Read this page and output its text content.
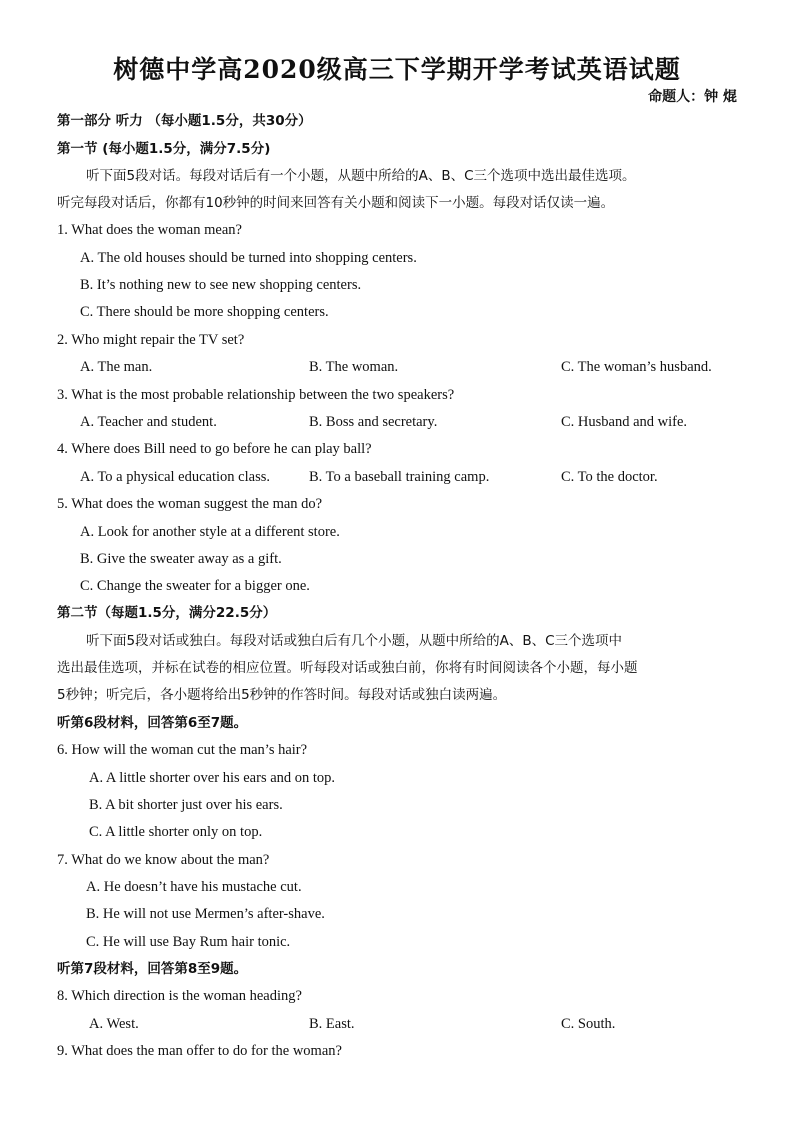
树德中学高2020级高三下学期开学考试英语试题
命题人：钟 焜
第一部分 听力 （每小题1.5分，共30分）
第一节 (每小题1.5分，满分7.5分)
听下面5段对话。每段对话后有一个小题，从题中所给的A、B、C三个选项中选出最佳选项。
听完每段对话后，你都有10秒钟的时间来回答有关小题和阅读下一小题。每段对话仅读一遍。
1. What does the woman mean?
A. The old houses should be turned into shopping centers.
B. It’s nothing new to see new shopping centers.
C. There should be more shopping centers.
2. Who might repair the TV set?
A. The man.	B. The woman.	C. The woman’s husband.
3. What is the most probable relationship between the two speakers?
A. Teacher and student.	B. Boss and secretary.	C. Husband and wife.
4. Where does Bill need to go before he can play ball?
A. To a physical education class.	B. To a baseball training camp.	C. To the doctor.
5. What does the woman suggest the man do?
A. Look for another style at a different store.
B. Give the sweater away as a gift.
C. Change the sweater for a bigger one.
第二节（每题1.5分，满分22.5分）
听下面5段对话或独白。每段对话或独白后有几个小题，从题中所给的A、B、C三个选项中
选出最佳选项，并标在试卷的相应位置。听每段对话或独白前，你将有时间阅读各个小题，每小题
5秒钟；听完后，各小题将给出5秒钟的作答时间。每段对话或独白读两遍。
听第6段材料，回答第6至7题。
6. How will the woman cut the man’s hair?
A. A little shorter over his ears and on top.
B. A bit shorter just over his ears.
C. A little shorter only on top.
7. What do we know about the man?
A. He doesn’t have his mustache cut.
B. He will not use Mermen’s after-shave.
C. He will use Bay Rum hair tonic.
听第7段材料，回答第8至9题。
8. Which direction is the woman heading?
A. West.	B. East.	C. South.
9. What does the man offer to do for the woman?
